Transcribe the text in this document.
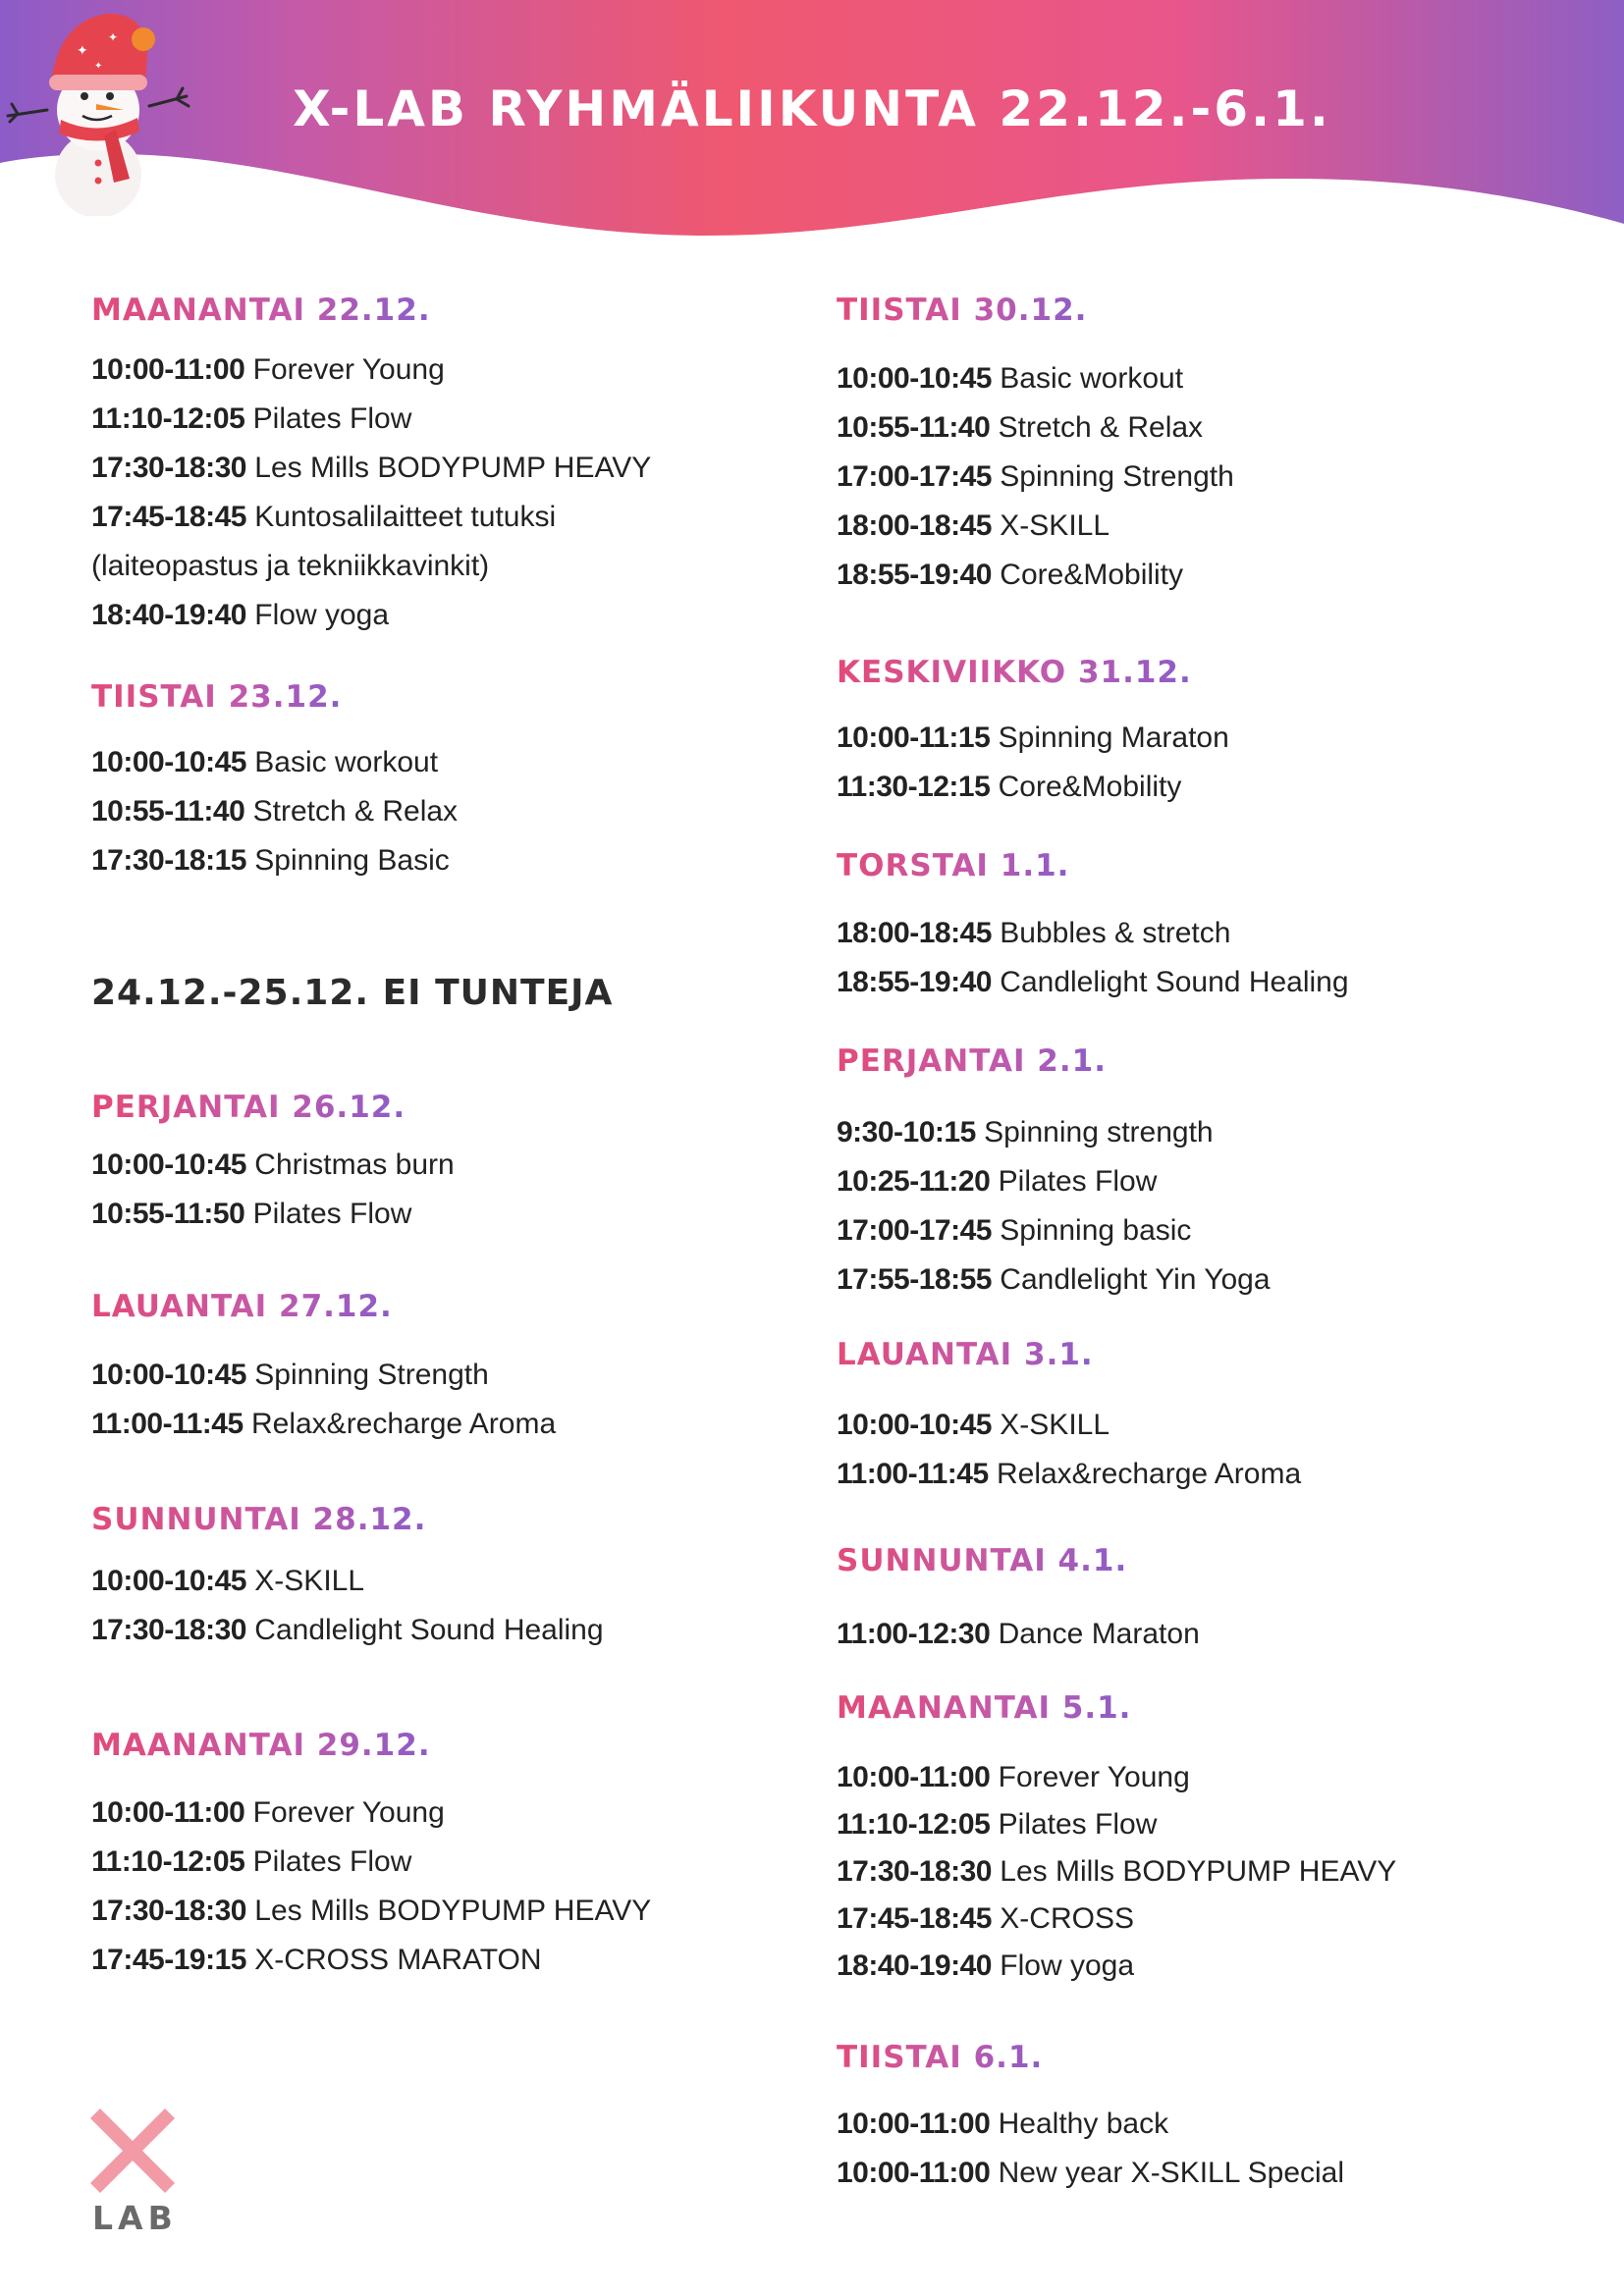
X-LAB RYHMÄLIIKUNTA 22.12.-6.1.
✦
✦
✦
MAANANTAI 22.12.
10:00-11:00 Forever Young
11:10-12:05 Pilates Flow
17:30-18:30 Les Mills BODYPUMP HEAVY
17:45-18:45 Kuntosalilaitteet tutuksi
(laiteopastus ja tekniikkavinkit)
18:40-19:40 Flow yoga
TIISTAI 23.12.
10:00-10:45 Basic workout
10:55-11:40 Stretch & Relax
17:30-18:15 Spinning Basic
PERJANTAI 26.12.
10:00-10:45 Christmas burn
10:55-11:50 Pilates Flow
LAUANTAI 27.12.
10:00-10:45 Spinning Strength
11:00-11:45 Relax&recharge Aroma
SUNNUNTAI 28.12.
10:00-10:45 X-SKILL
17:30-18:30 Candlelight Sound Healing
MAANANTAI 29.12.
10:00-11:00 Forever Young
11:10-12:05 Pilates Flow
17:30-18:30 Les Mills BODYPUMP HEAVY
17:45-19:15 X-CROSS MARATON
24.12.-25.12. EI TUNTEJA
TIISTAI 30.12.
10:00-10:45 Basic workout
10:55-11:40 Stretch & Relax
17:00-17:45 Spinning Strength
18:00-18:45 X-SKILL
18:55-19:40 Core&Mobility
KESKIVIIKKO 31.12.
10:00-11:15 Spinning Maraton
11:30-12:15 Core&Mobility
TORSTAI 1.1.
18:00-18:45 Bubbles & stretch
18:55-19:40 Candlelight Sound Healing
PERJANTAI 2.1.
9:30-10:15 Spinning strength
10:25-11:20 Pilates Flow
17:00-17:45 Spinning basic
17:55-18:55 Candlelight Yin Yoga
LAUANTAI 3.1.
10:00-10:45 X-SKILL
11:00-11:45 Relax&recharge Aroma
SUNNUNTAI 4.1.
11:00-12:30 Dance Maraton
MAANANTAI 5.1.
10:00-11:00 Forever Young
11:10-12:05 Pilates Flow
17:30-18:30 Les Mills BODYPUMP HEAVY
17:45-18:45 X-CROSS
18:40-19:40 Flow yoga
TIISTAI 6.1.
10:00-11:00 Healthy back
10:00-11:00 New year X-SKILL Special
LAB
